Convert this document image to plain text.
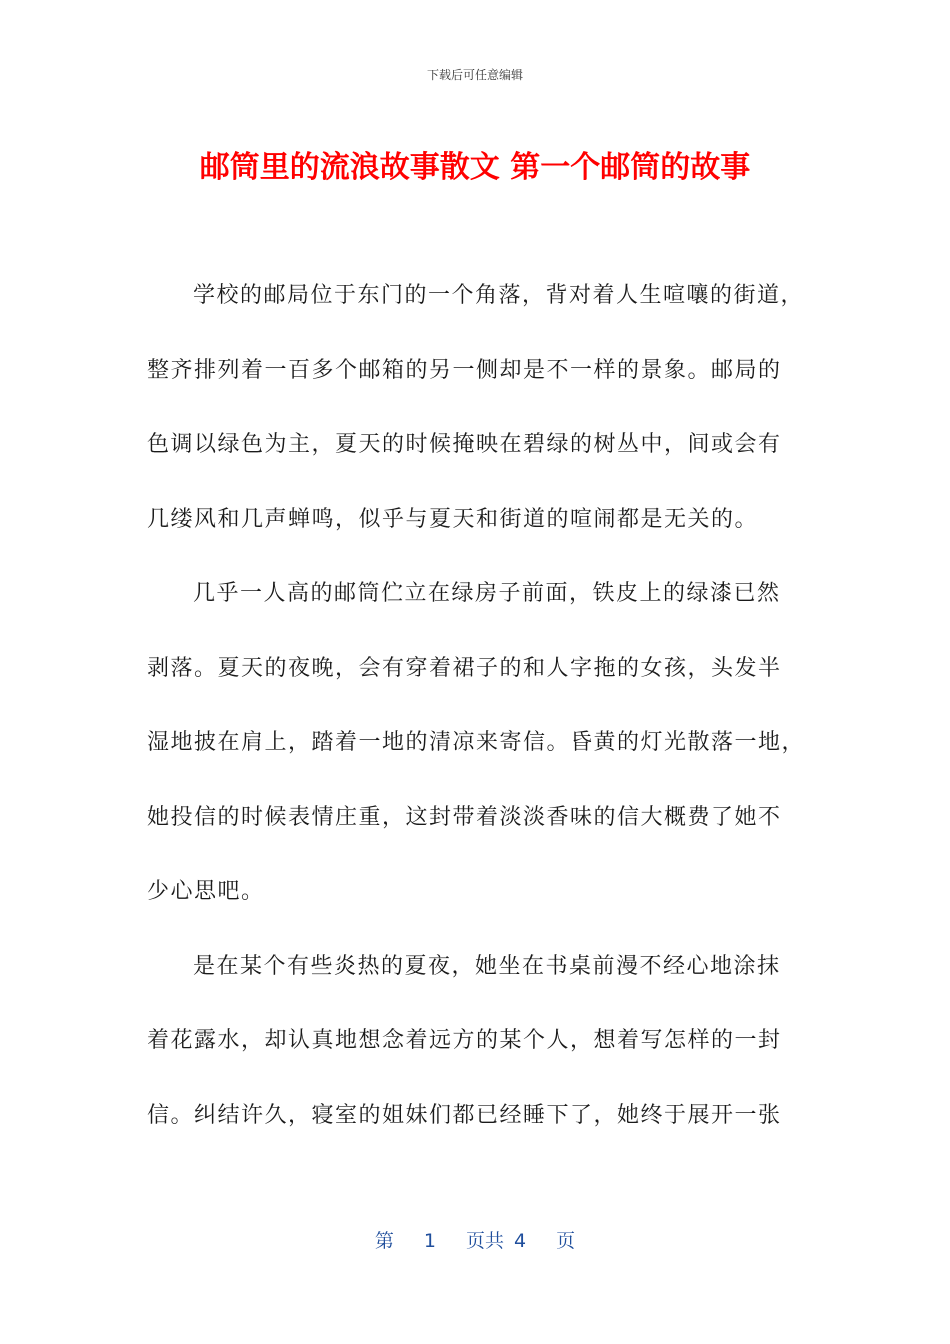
下载后可任意编辑
邮筒里的流浪故事散文 第一个邮筒的故事
学校的邮局位于东门的一个角落，背对着人生喧嚷的街道，
整齐排列着一百多个邮箱的另一侧却是不一样的景象。邮局的
色调以绿色为主，夏天的时候掩映在碧绿的树丛中，间或会有
几缕风和几声蝉鸣，似乎与夏天和街道的喧闹都是无关的。
几乎一人高的邮筒伫立在绿房子前面，铁皮上的绿漆已然
剥落。夏天的夜晚，会有穿着裙子的和人字拖的女孩，头发半
湿地披在肩上，踏着一地的清凉来寄信。昏黄的灯光散落一地，
她投信的时候表情庄重，这封带着淡淡香味的信大概费了她不
少心思吧。
是在某个有些炎热的夏夜，她坐在书桌前漫不经心地涂抹
着花露水，却认真地想念着远方的某个人，想着写怎样的一封
信。纠结许久，寝室的姐妹们都已经睡下了，她终于展开一张
第 1 页共 4 页
